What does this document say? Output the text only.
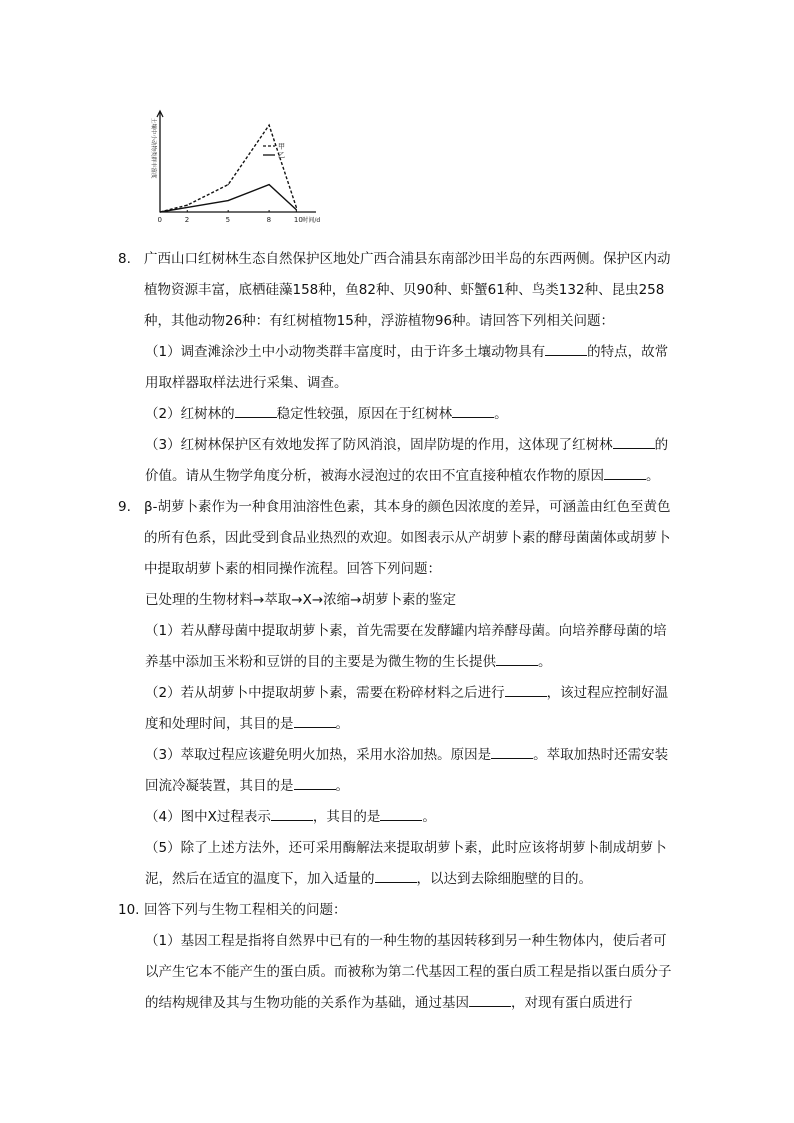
土壤中小动物类群丰富度
0	2	5	8	10 时间/d
甲
乙

8. 广西山口红树林生态自然保护区地处广西合浦县东南部沙田半岛的东西两侧。保护区内动植物资源丰富，底栖硅藻158种，鱼82种、贝90种、虾蟹61种、鸟类132种、昆虫258种，其他动物26种：有红树植物15种，浮游植物96种。请回答下列相关问题：

（1）调查滩涂沙土中小动物类群丰富度时，由于许多土壤动物具有	的特点，故常用取样器取样法进行采集、调查。

（2）红树林的	稳定性较强，原因在于红树林	。

（3）红树林保护区有效地发挥了防风消浪，固岸防堤的作用，这体现了红树林	的价值。请从生物学角度分析，被海水浸泡过的农田不宜直接种植农作物的原因	。

9. β-胡萝卜素作为一种食用油溶性色素，其本身的颜色因浓度的差异，可涵盖由红色至黄色的所有色系，因此受到食品业热烈的欢迎。如图表示从产胡萝卜素的酵母菌菌体或胡萝卜中提取胡萝卜素的相同操作流程。回答下列问题：

已处理的生物材料→萃取→X→浓缩→胡萝卜素的鉴定

（1）若从酵母菌中提取胡萝卜素，首先需要在发酵罐内培养酵母菌。向培养酵母菌的培养基中添加玉米粉和豆饼的目的主要是为微生物的生长提供	。

（2）若从胡萝卜中提取胡萝卜素，需要在粉碎材料之后进行	，该过程应控制好温度和处理时间，其目的是	。

（3）萃取过程应该避免明火加热，采用水浴加热。原因是	。萃取加热时还需安装回流冷凝装置，其目的是	。

（4）图中X过程表示	，其目的是	。

（5）除了上述方法外，还可采用酶解法来提取胡萝卜素，此时应该将胡萝卜制成胡萝卜泥，然后在适宜的温度下，加入适量的	，以达到去除细胞壁的目的。

10. 回答下列与生物工程相关的问题：

（1）基因工程是指将自然界中已有的一种生物的基因转移到另一种生物体内，使后者可以产生它本不能产生的蛋白质。而被称为第二代基因工程的蛋白质工程是指以蛋白质分子的结构规律及其与生物功能的关系作为基础，通过基因	，对现有蛋白质进行
